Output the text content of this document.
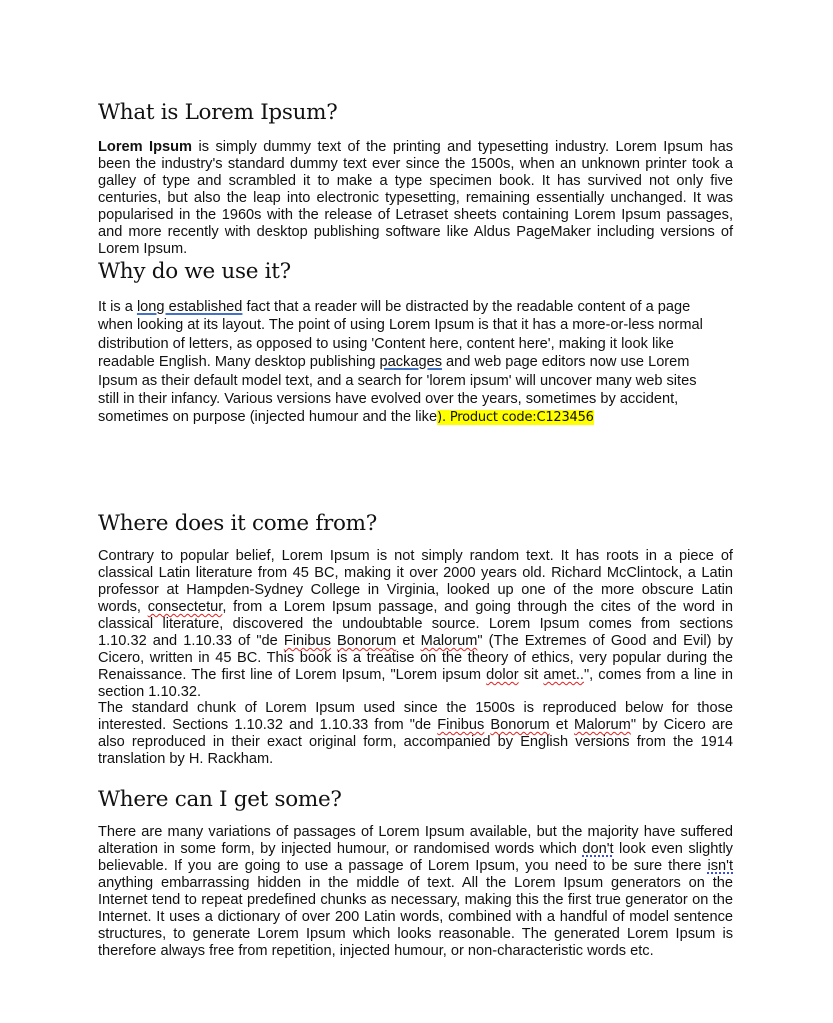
What is Lorem Ipsum?

Lorem Ipsum is simply dummy text of the printing and typesetting industry. Lorem Ipsum has been the industry's standard dummy text ever since the 1500s, when an unknown printer took a galley of type and scrambled it to make a type specimen book. It has survived not only five centuries, but also the leap into electronic typesetting, remaining essentially unchanged. It was popularised in the 1960s with the release of Letraset sheets containing Lorem Ipsum passages, and more recently with desktop publishing software like Aldus PageMaker including versions of Lorem Ipsum.

Why do we use it?

It is a long established fact that a reader will be distracted by the readable content of a page when looking at its layout. The point of using Lorem Ipsum is that it has a more-or-less normal distribution of letters, as opposed to using 'Content here, content here', making it look like readable English. Many desktop publishing packages and web page editors now use Lorem Ipsum as their default model text, and a search for 'lorem ipsum' will uncover many web sites still in their infancy. Various versions have evolved over the years, sometimes by accident, sometimes on purpose (injected humour and the like). Product code:C123456

Where does it come from?

Contrary to popular belief, Lorem Ipsum is not simply random text. It has roots in a piece of classical Latin literature from 45 BC, making it over 2000 years old. Richard McClintock, a Latin professor at Hampden-Sydney College in Virginia, looked up one of the more obscure Latin words, consectetur, from a Lorem Ipsum passage, and going through the cites of the word in classical literature, discovered the undoubtable source. Lorem Ipsum comes from sections 1.10.32 and 1.10.33 of "de Finibus Bonorum et Malorum" (The Extremes of Good and Evil) by Cicero, written in 45 BC. This book is a treatise on the theory of ethics, very popular during the Renaissance. The first line of Lorem Ipsum, "Lorem ipsum dolor sit amet..", comes from a line in section 1.10.32.

The standard chunk of Lorem Ipsum used since the 1500s is reproduced below for those interested. Sections 1.10.32 and 1.10.33 from "de Finibus Bonorum et Malorum" by Cicero are also reproduced in their exact original form, accompanied by English versions from the 1914 translation by H. Rackham.

Where can I get some?

There are many variations of passages of Lorem Ipsum available, but the majority have suffered alteration in some form, by injected humour, or randomised words which don't look even slightly believable. If you are going to use a passage of Lorem Ipsum, you need to be sure there isn't anything embarrassing hidden in the middle of text. All the Lorem Ipsum generators on the Internet tend to repeat predefined chunks as necessary, making this the first true generator on the Internet. It uses a dictionary of over 200 Latin words, combined with a handful of model sentence structures, to generate Lorem Ipsum which looks reasonable. The generated Lorem Ipsum is therefore always free from repetition, injected humour, or non-characteristic words etc.
